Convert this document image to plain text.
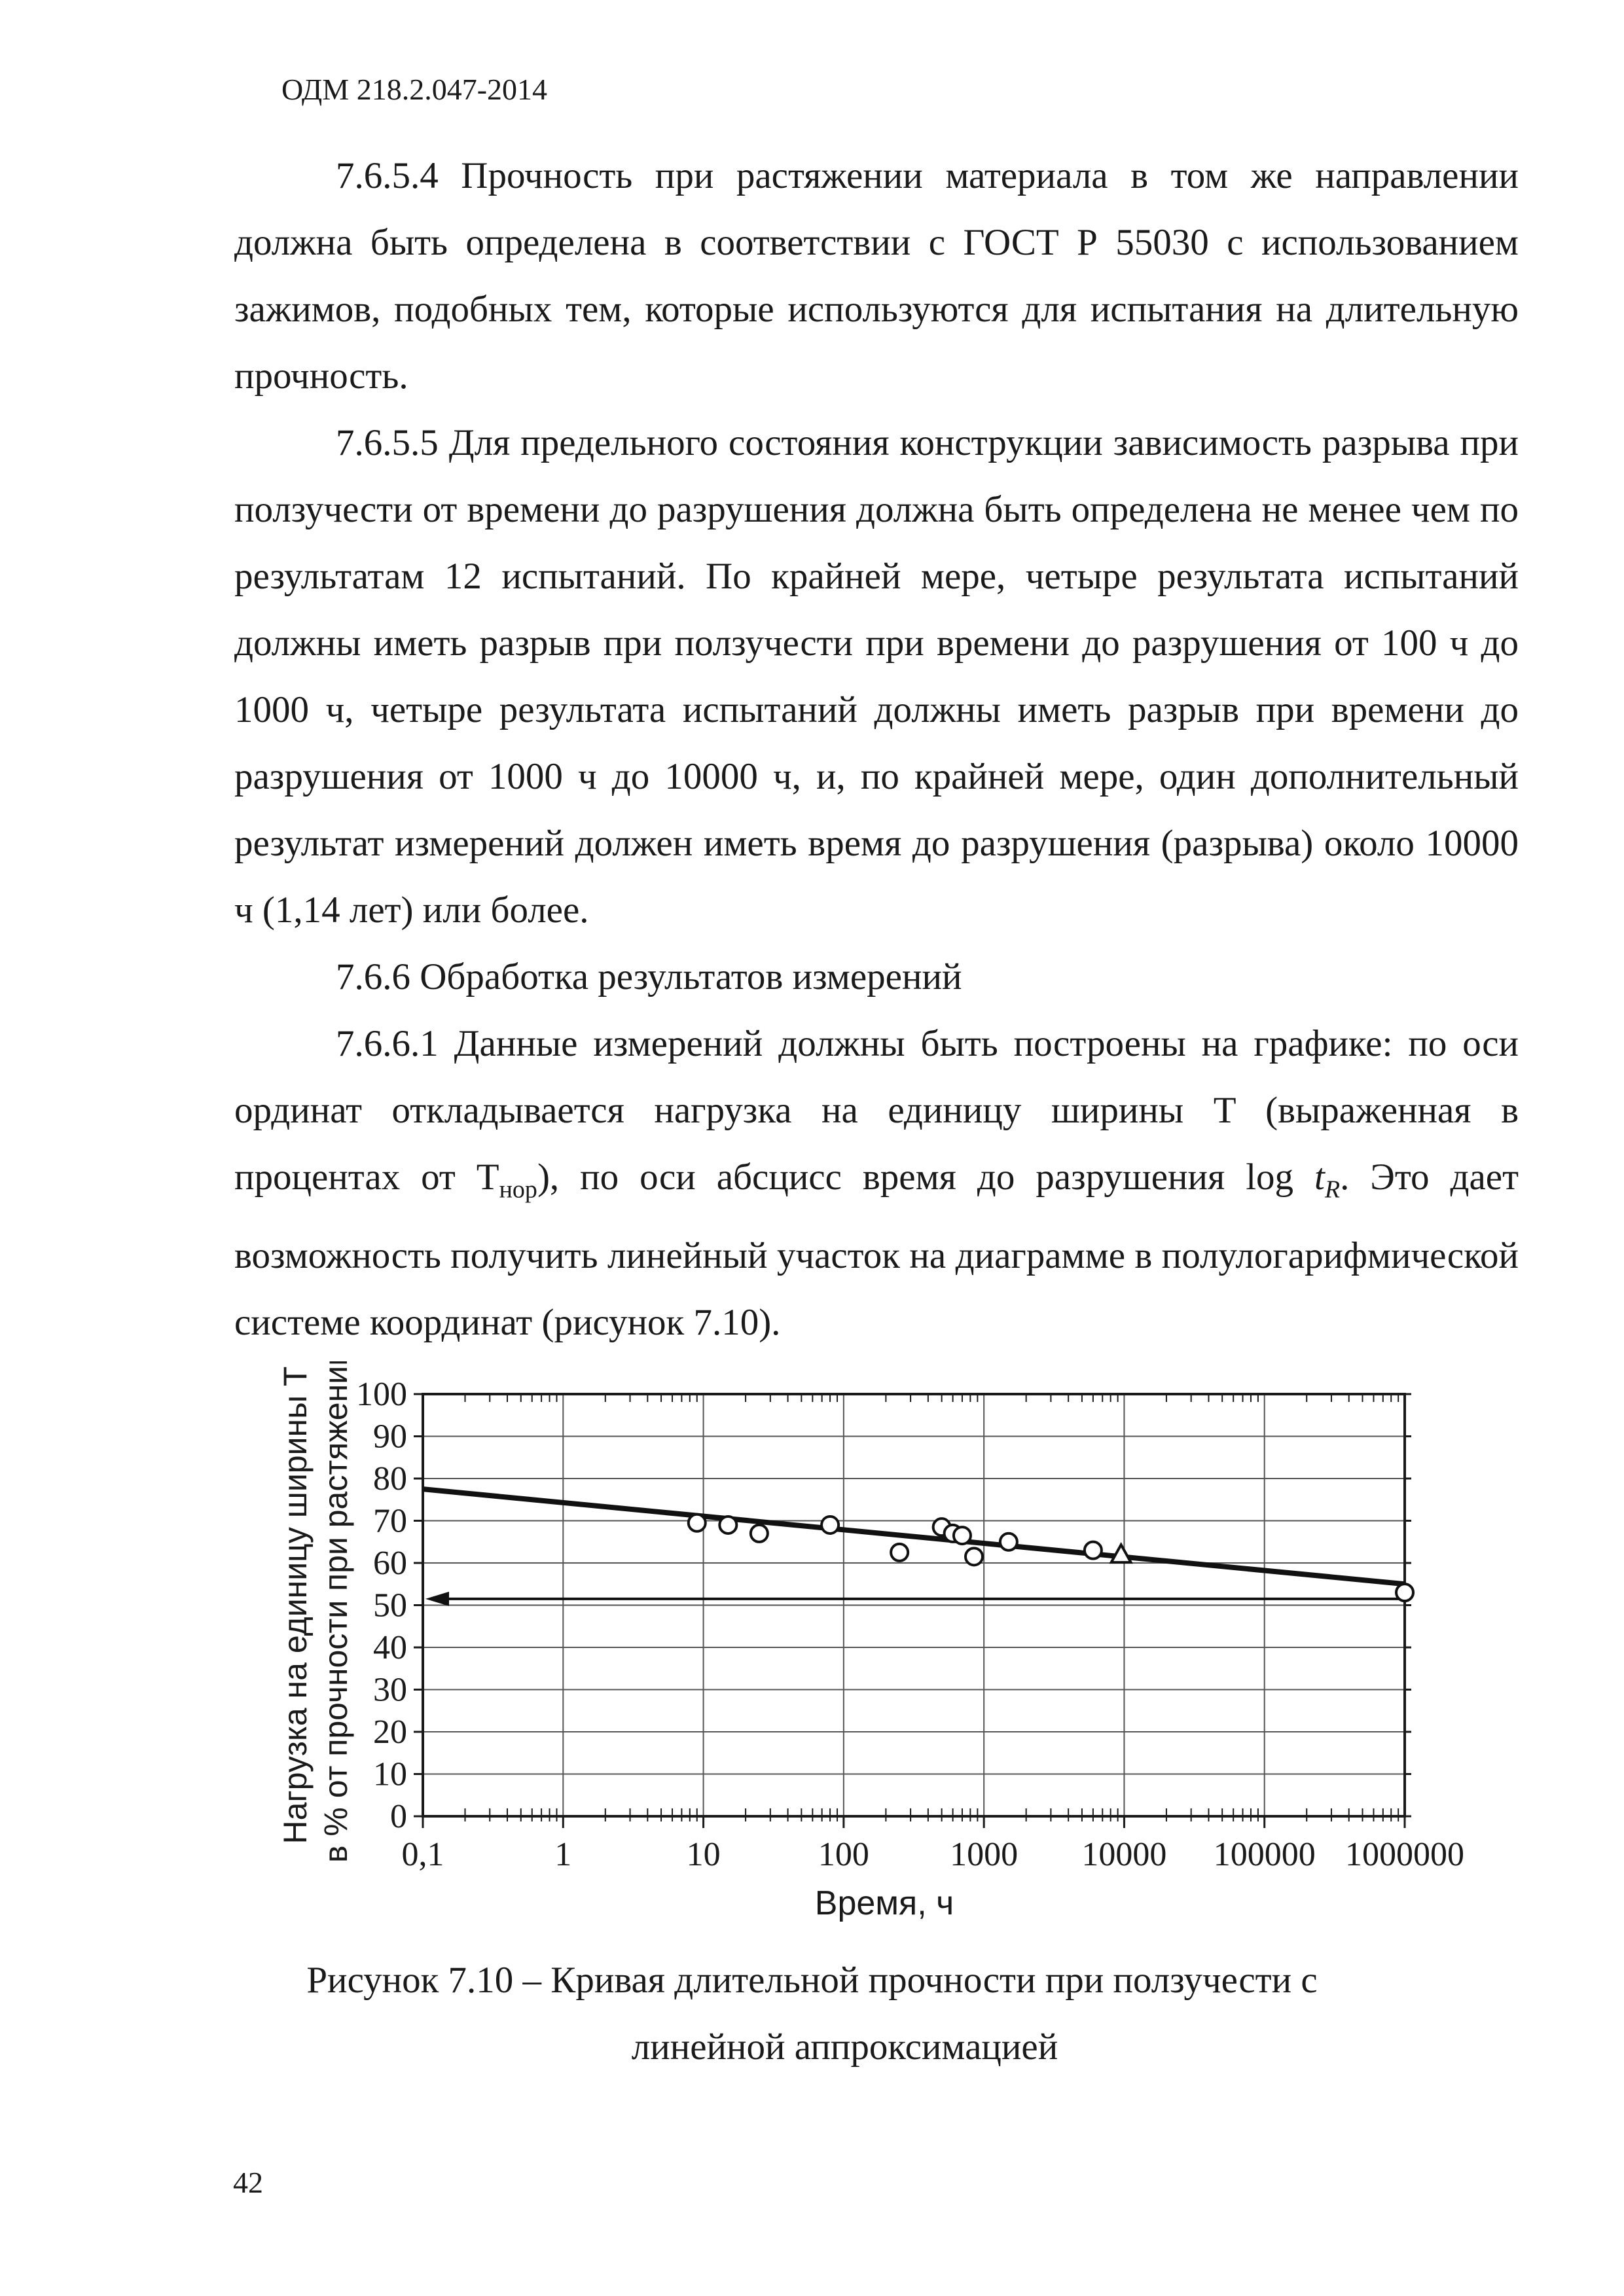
ОДМ 218.2.047-2014

7.6.5.4 Прочность при растяжении материала в том же направлении должна быть определена в соответствии с ГОСТ Р 55030 с использованием зажимов, подобных тем, которые используются для испытания на длительную прочность.

7.6.5.5 Для предельного состояния конструкции зависимость разрыва при ползучести от времени до разрушения должна быть определена не менее чем по результатам 12 испытаний. По крайней мере, четыре результата испытаний должны иметь разрыв при ползучести при времени до разрушения от 100 ч до 1000 ч, четыре результата испытаний должны иметь разрыв при времени до разрушения от 1000 ч до 10000 ч, и, по крайней мере, один дополнительный результат измерений должен иметь время до разрушения (разрыва) около 10000 ч (1,14 лет) или более.

7.6.6 Обработка результатов измерений

7.6.6.1 Данные измерений должны быть построены на графике: по оси ординат откладывается нагрузка на единицу ширины T (выраженная в процентах от $T_{нор}$), по оси абсцисс время до разрушения $\log t_R$. Это дает возможность получить линейный участок на диаграмме в полулогарифмической системе координат (рисунок 7.10).

0
10
20
30
40
50
60
70
80
90
100
0,1	1	10	100 1000 10000 100000 1000000
Нагрузка на единицу ширины T в % от прочности при растяжении
Время, ч
Рисунок 7.10 – Кривая длительной прочности при ползучести с

линейной аппроксимацией
42
